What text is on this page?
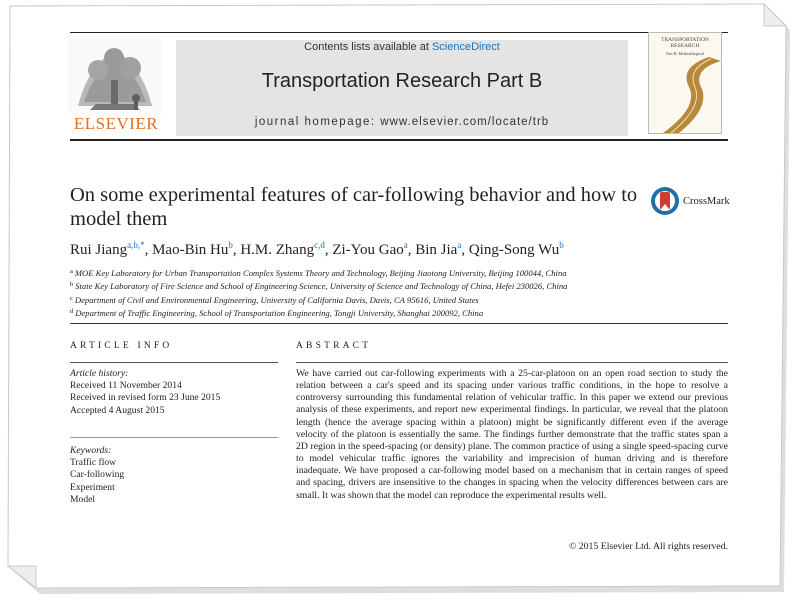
ELSEVIER
Contents lists available at ScienceDirect
Transportation Research Part B
journal homepage: www.elsevier.com/locate/trb
TRANSPORTATION RESEARCH
Part B: Methodological
On some experimental features of car-following behavior and how to model them
CrossMark
Rui Jiang$^{a,b,*}$, Mao-Bin Hu$^b$, H.M. Zhang$^{c,d}$, Zi-You Gao$^a$, Bin Jia$^a$, Qing-Song Wu$^b$
$^a$ MOE Key Laboratory for Urban Transportation Complex Systems Theory and Technology, Beijing Jiaotong University, Beijing 100044, China
$^b$ State Key Laboratory of Fire Science and School of Engineering Science, University of Science and Technology of China, Hefei 230026, China
$^c$ Department of Civil and Environmental Engineering, University of California Davis, Davis, CA 95616, United States
$^d$ Department of Traffic Engineering, School of Transportation Engineering, Tongji University, Shanghai 200092, China
ARTICLE INFO	ABSTRACT
Article history:
Received 11 November 2014
Received in revised form 23 June 2015
Accepted 4 August 2015
Keywords:
Traffic flow
Car-following
Experiment
Model
We have carried out car-following experiments with a 25-car-platoon on an open road section to study the relation between a car's speed and its spacing under various traffic conditions, in the hope to resolve a controversy surrounding this fundamental relation of vehicular traffic. In this paper we extend our previous analysis of these experiments, and report new experimental findings. In particular, we reveal that the platoon length (hence the average spacing within a platoon) might be significantly different even if the average velocity of the platoon is essentially the same. The findings further demonstrate that the traffic states span a 2D region in the speed-spacing (or density) plane. The common practice of using a single speed-spacing curve to model vehicular traffic ignores the variability and imprecision of human driving and is therefore inadequate. We have proposed a car-following model based on a mechanism that in certain ranges of speed and spacing, drivers are insensitive to the changes in spacing when the velocity differences between cars are small. It was shown that the model can reproduce the experimental results well.
© 2015 Elsevier Ltd. All rights reserved.
